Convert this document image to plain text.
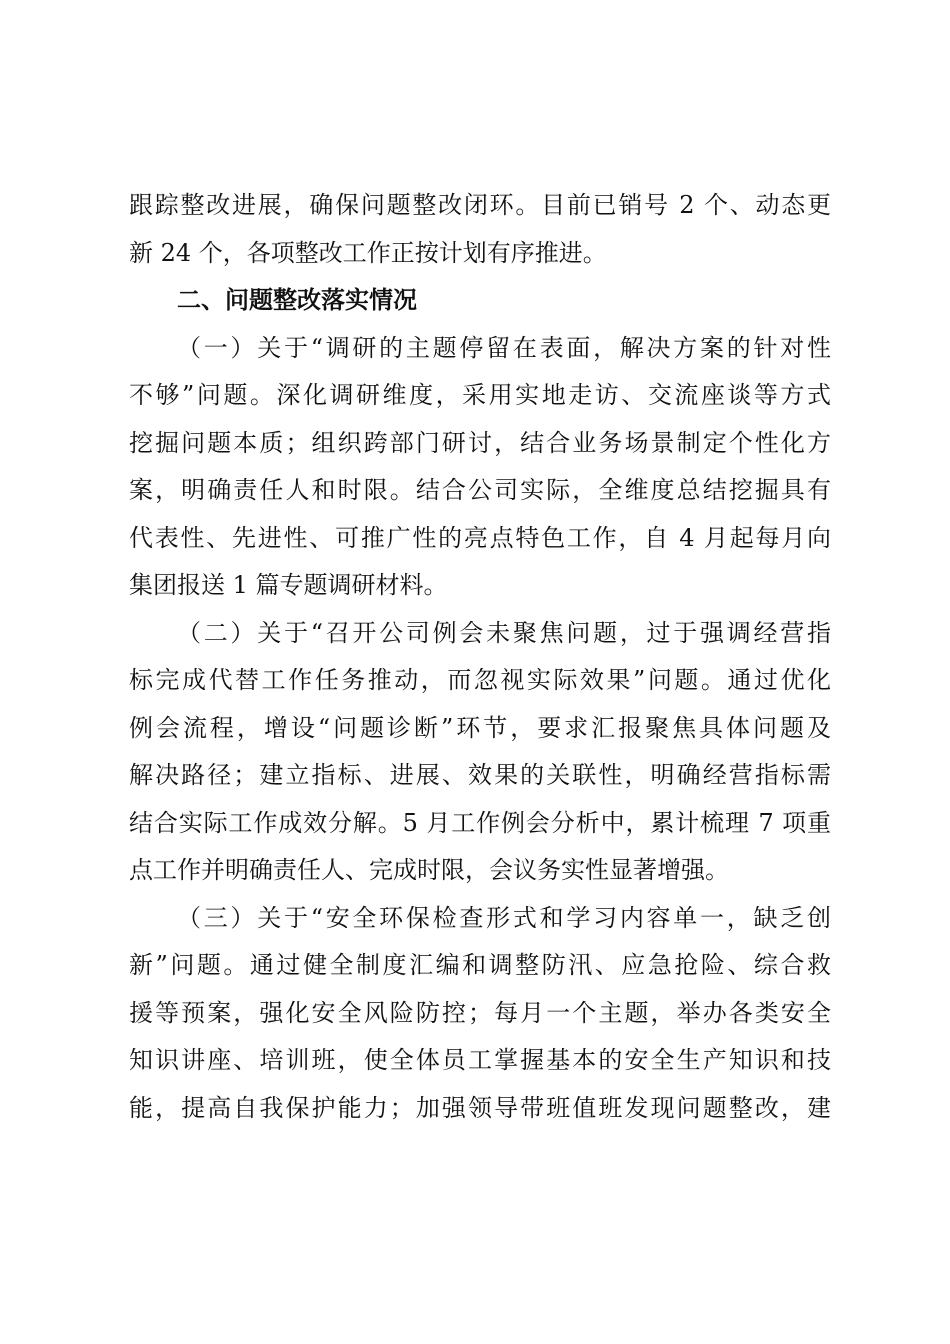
跟踪整改进展，确保问题整改闭环。目前已销号 2 个、动态更
新 24 个，各项整改工作正按计划有序推进。
二、问题整改落实情况
（一）关于“调研的主题停留在表面，解决方案的针对性
不够”问题。深化调研维度，采用实地走访、交流座谈等方式
挖掘问题本质；组织跨部门研讨，结合业务场景制定个性化方
案，明确责任人和时限。结合公司实际，全维度总结挖掘具有
代表性、先进性、可推广性的亮点特色工作，自 4 月起每月向
集团报送 1 篇专题调研材料。
（二）关于“召开公司例会未聚焦问题，过于强调经营指
标完成代替工作任务推动，而忽视实际效果”问题。通过优化
例会流程，增设“问题诊断”环节，要求汇报聚焦具体问题及
解决路径；建立指标、进展、效果的关联性，明确经营指标需
结合实际工作成效分解。5 月工作例会分析中，累计梳理 7 项重
点工作并明确责任人、完成时限，会议务实性显著增强。
（三）关于“安全环保检查形式和学习内容单一，缺乏创
新”问题。通过健全制度汇编和调整防汛、应急抢险、综合救
援等预案，强化安全风险防控；每月一个主题，举办各类安全
知识讲座、培训班，使全体员工掌握基本的安全生产知识和技
能，提高自我保护能力；加强领导带班值班发现问题整改，建
